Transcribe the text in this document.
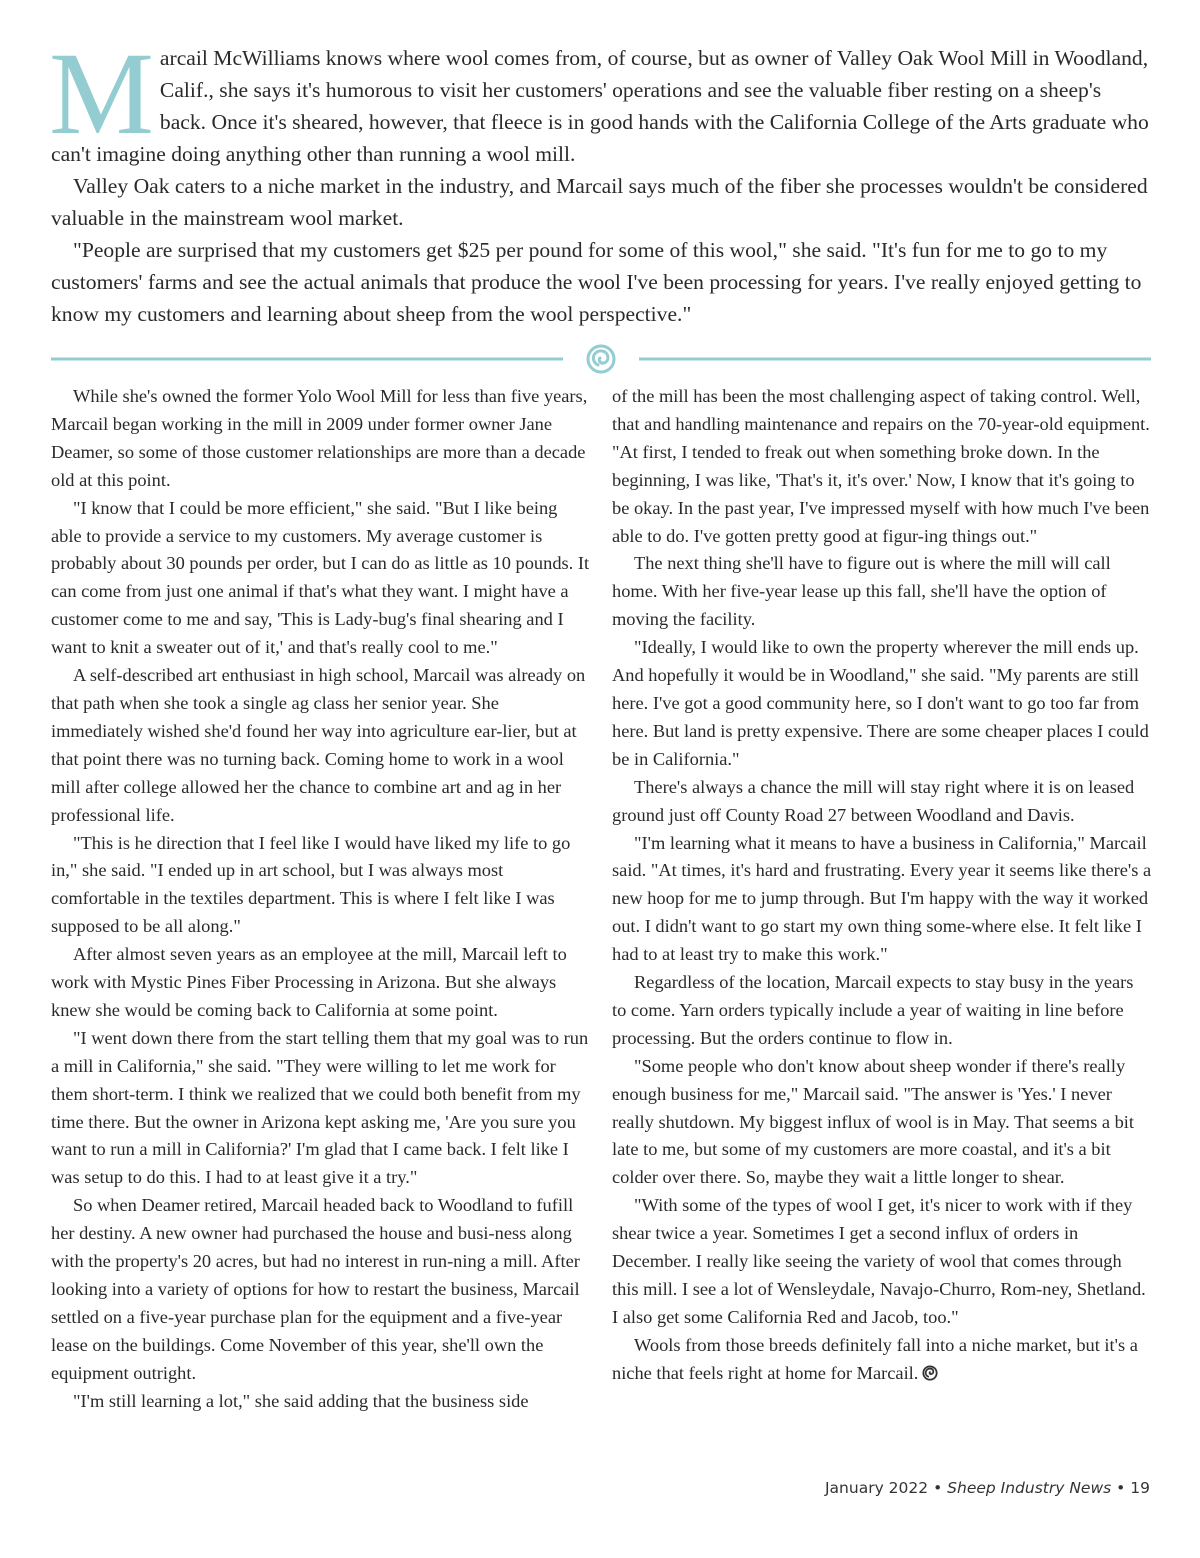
Marcail McWilliams knows where wool comes from, of course, but as owner of Valley Oak Wool Mill in Woodland, Calif., she says it's humorous to visit her customers' operations and see the valuable fiber resting on a sheep's back. Once it's sheared, however, that fleece is in good hands with the California College of the Arts graduate who can't imagine doing anything other than running a wool mill.

Valley Oak caters to a niche market in the industry, and Marcail says much of the fiber she processes wouldn't be considered valuable in the mainstream wool market.

"People are surprised that my customers get $25 per pound for some of this wool," she said. "It's fun for me to go to my customers' farms and see the actual animals that produce the wool I've been processing for years. I've really enjoyed getting to know my customers and learning about sheep from the wool perspective."

While she's owned the former Yolo Wool Mill for less than five years, Marcail began working in the mill in 2009 under former owner Jane Deamer, so some of those customer relationships are more than a decade old at this point.

"I know that I could be more efficient," she said. "But I like being able to provide a service to my customers. My average customer is probably about 30 pounds per order, but I can do as little as 10 pounds. It can come from just one animal if that's what they want. I might have a customer come to me and say, 'This is Lady-bug's final shearing and I want to knit a sweater out of it,' and that's really cool to me."

A self-described art enthusiast in high school, Marcail was already on that path when she took a single ag class her senior year. She immediately wished she'd found her way into agriculture ear-lier, but at that point there was no turning back. Coming home to work in a wool mill after college allowed her the chance to combine art and ag in her professional life.

"This is he direction that I feel like I would have liked my life to go in," she said. "I ended up in art school, but I was always most comfortable in the textiles department. This is where I felt like I was supposed to be all along."

After almost seven years as an employee at the mill, Marcail left to work with Mystic Pines Fiber Processing in Arizona. But she always knew she would be coming back to California at some point.

"I went down there from the start telling them that my goal was to run a mill in California," she said. "They were willing to let me work for them short-term. I think we realized that we could both benefit from my time there. But the owner in Arizona kept asking me, 'Are you sure you want to run a mill in California?' I'm glad that I came back. I felt like I was setup to do this. I had to at least give it a try."

So when Deamer retired, Marcail headed back to Woodland to fufill her destiny. A new owner had purchased the house and busi-ness along with the property's 20 acres, but had no interest in run-ning a mill. After looking into a variety of options for how to restart the business, Marcail settled on a five-year purchase plan for the equipment and a five-year lease on the buildings. Come November of this year, she'll own the equipment outright.

"I'm still learning a lot," she said adding that the business side

of the mill has been the most challenging aspect of taking control. Well, that and handling maintenance and repairs on the 70-year-old equipment. "At first, I tended to freak out when something broke down. In the beginning, I was like, 'That's it, it's over.' Now, I know that it's going to be okay. In the past year, I've impressed myself with how much I've been able to do. I've gotten pretty good at figur-ing things out."

The next thing she'll have to figure out is where the mill will call home. With her five-year lease up this fall, she'll have the option of moving the facility.

"Ideally, I would like to own the property wherever the mill ends up. And hopefully it would be in Woodland," she said. "My parents are still here. I've got a good community here, so I don't want to go too far from here. But land is pretty expensive. There are some cheaper places I could be in California."

There's always a chance the mill will stay right where it is on leased ground just off County Road 27 between Woodland and Davis.

"I'm learning what it means to have a business in California," Marcail said. "At times, it's hard and frustrating. Every year it seems like there's a new hoop for me to jump through. But I'm happy with the way it worked out. I didn't want to go start my own thing some-where else. It felt like I had to at least try to make this work."

Regardless of the location, Marcail expects to stay busy in the years to come. Yarn orders typically include a year of waiting in line before processing. But the orders continue to flow in.

"Some people who don't know about sheep wonder if there's really enough business for me," Marcail said. "The answer is 'Yes.' I never really shutdown. My biggest influx of wool is in May. That seems a bit late to me, but some of my customers are more coastal, and it's a bit colder over there. So, maybe they wait a little longer to shear.

"With some of the types of wool I get, it's nicer to work with if they shear twice a year. Sometimes I get a second influx of orders in December. I really like seeing the variety of wool that comes through this mill. I see a lot of Wensleydale, Navajo-Churro, Rom-ney, Shetland. I also get some California Red and Jacob, too."

Wools from those breeds definitely fall into a niche market, but it's a niche that feels right at home for Marcail.

January 2022 • Sheep Industry News • 19
